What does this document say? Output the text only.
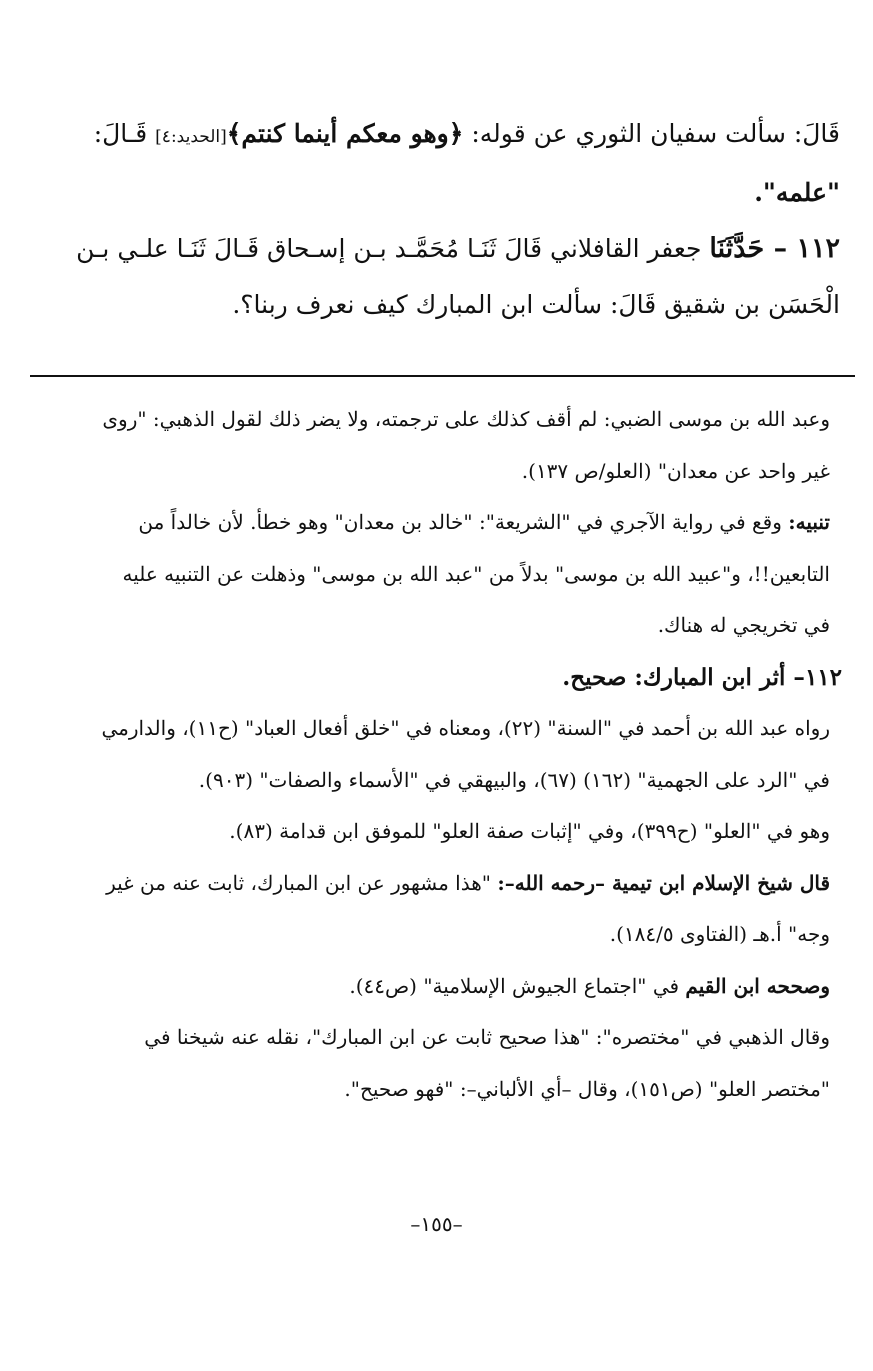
قَالَ: سألت سفيان الثوري عن قوله: ﴿وهو معكم أينما كنتم﴾[الحديد:٤] قَـالَ:
"علمه".

١١٢ – حَدَّثَنَا جعفر القافلاني قَالَ ثَنَـا مُحَمَّـد بـن إسـحاق قَـالَ ثَنَـا علـي بـن الْحَسَن بن شقيق قَالَ: سألت ابن المبارك كيف نعرف ربنا؟.

وعبد الله بن موسى الضبي: لم أقف كذلك على ترجمته، ولا يضر ذلك لقول الذهبي: "روى غير واحد عن معدان" (العلو/ص ١٣٧).

تنبيه: وقع في رواية الآجري في "الشريعة": "خالد بن معدان" وهو خطأ. لأن خالداً من التابعين!!، و"عبيد الله بن موسى" بدلاً من "عبد الله بن موسى" وذهلت عن التنبيه عليه في تخريجي له هناك.

١١٢– أثر ابن المبارك: صحيح.

رواه عبد الله بن أحمد في "السنة" (٢٢)، ومعناه في "خلق أفعال العباد" (ح١١)، والدارمي في "الرد على الجهمية" (١٦٢) (٦٧)، والبيهقي في "الأسماء والصفات" (٩٠٣).

وهو في "العلو" (ح٣٩٩)، وفي "إثبات صفة العلو" للموفق ابن قدامة (٨٣).

قال شيخ الإسلام ابن تيمية –رحمه الله–: "هذا مشهور عن ابن المبارك، ثابت عنه من غير وجه" أ.هـ (الفتاوى ١٨٤/٥).

وصححه ابن القيم في "اجتماع الجيوش الإسلامية" (ص٤٤).

وقال الذهبي في "مختصره": "هذا صحيح ثابت عن ابن المبارك"، نقله عنه شيخنا في "مختصر العلو" (ص١٥١)، وقال –أي الألباني–: "فهو صحيح".

–١٥٥–
